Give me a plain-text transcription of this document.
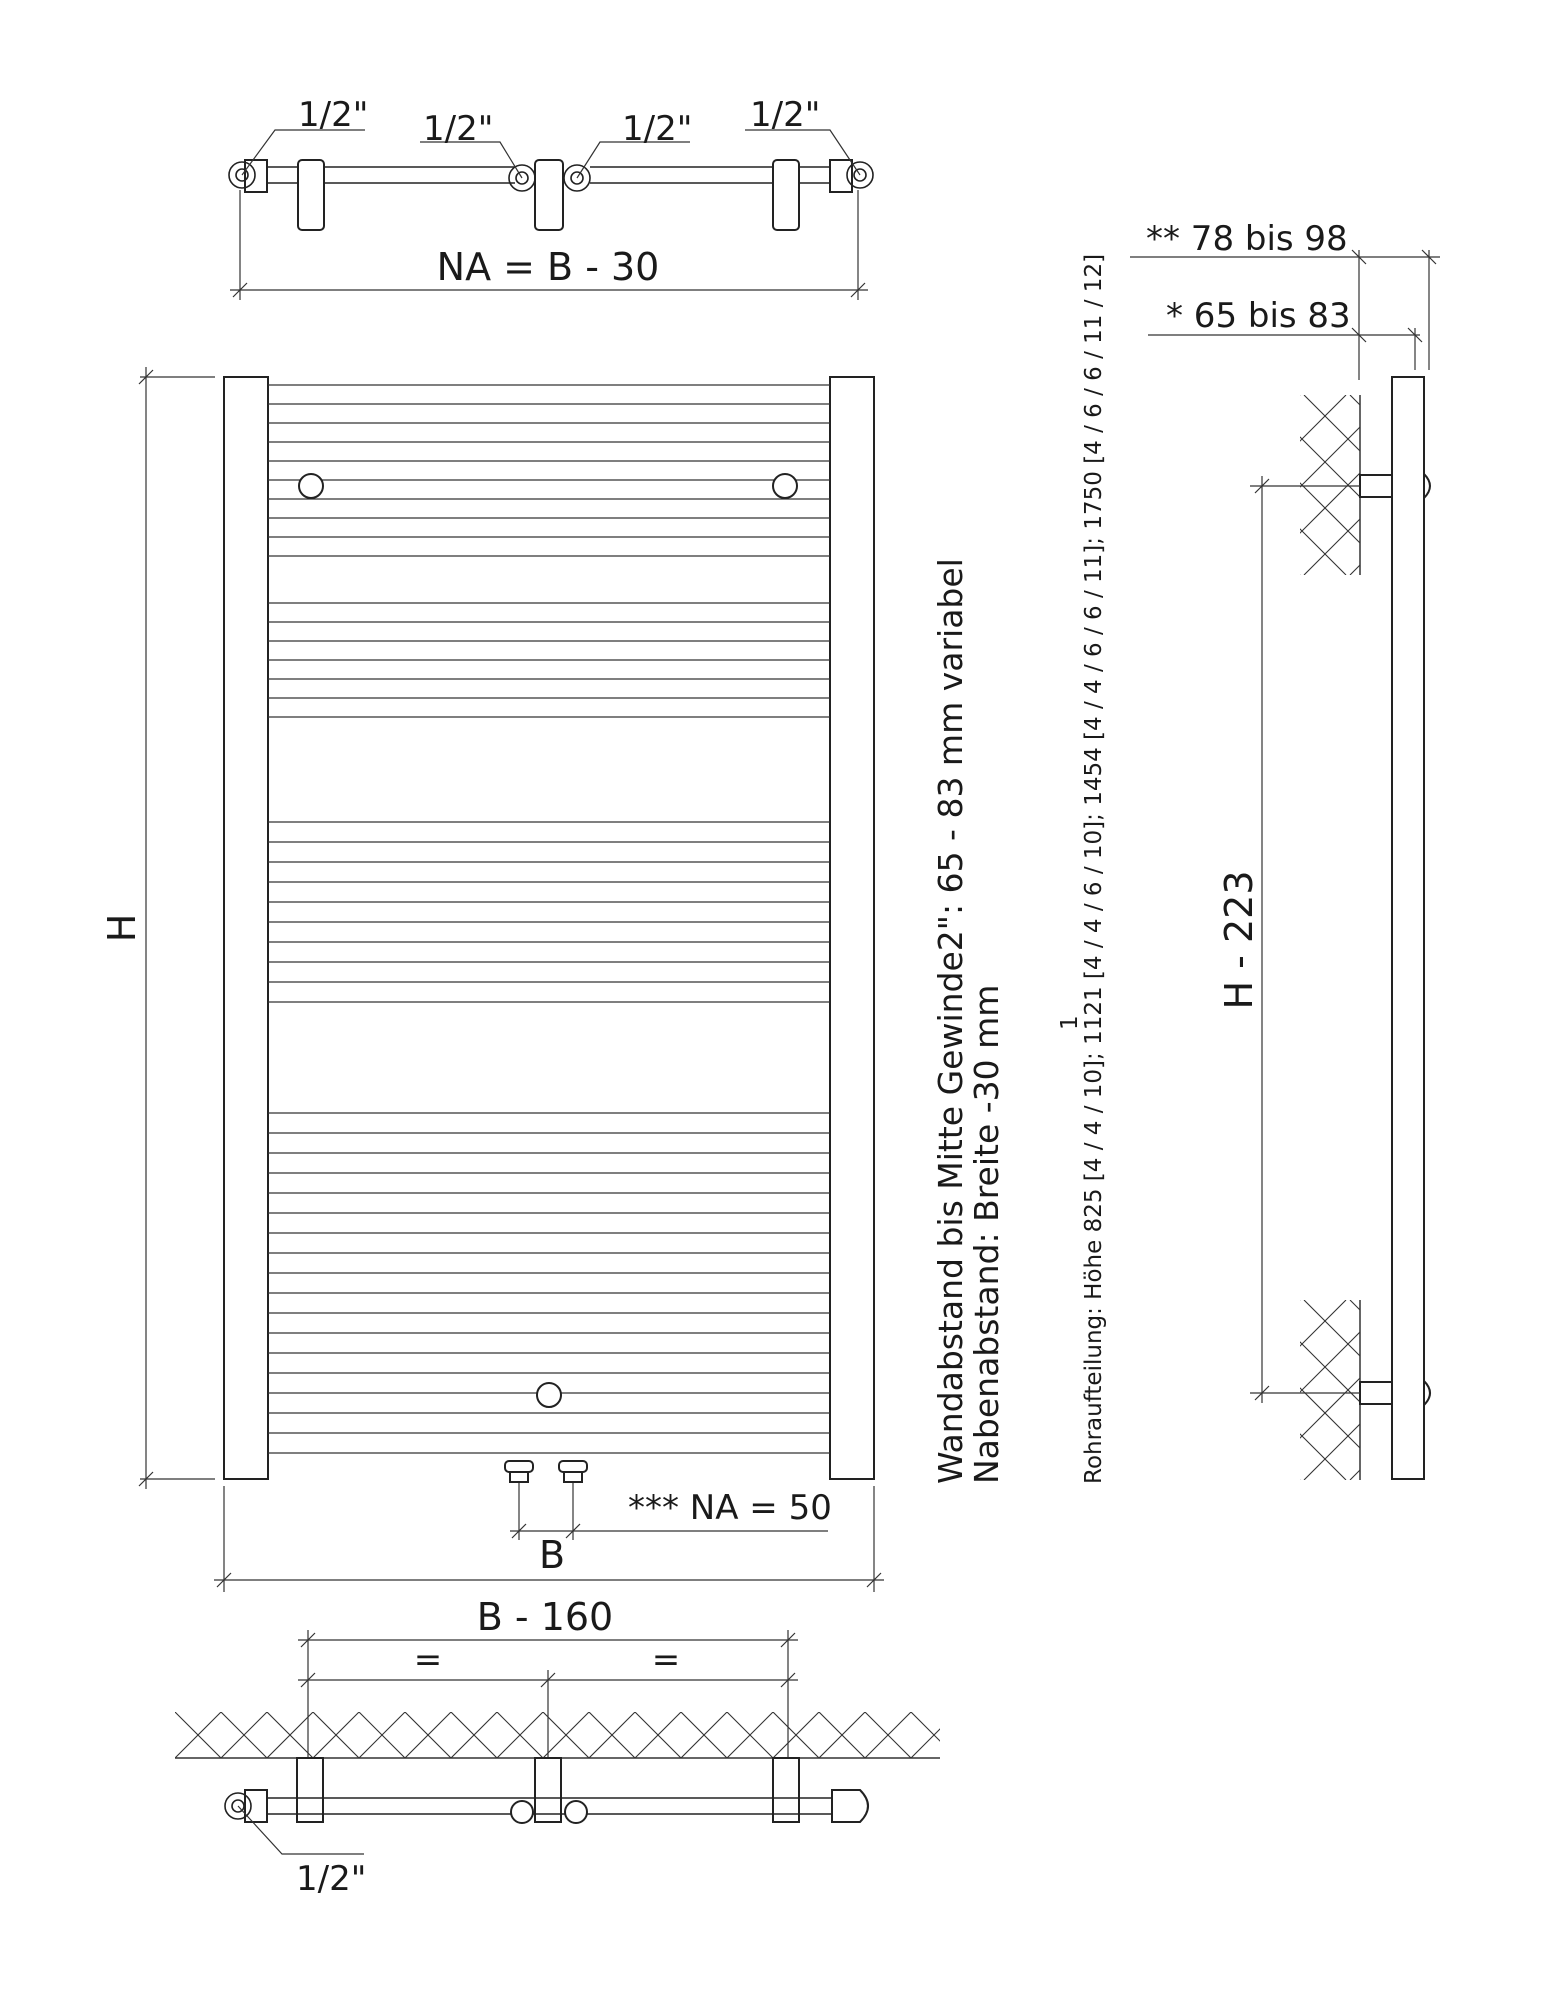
1/2" 1/2"	1/2" 1/2"
NA = B - 30
H
*** NA = 50
B
B - 160
=	=
1/2"
Wandabstand bis Mitte Gewinde2": 65 - 83 mm variabel
Nabenabstand: Breite -30 mm	Rohraufteilung: Höhe 825 [4 / 4 / 10]; 1121 [4 / 4 / 6 / 10]; 1454 [4 / 4 / 6 / 6 / 11]; 1750 [4 / 6 / 6 / 11 / 12]
1
** 78 bis 98
* 65 bis 83
H - 223
